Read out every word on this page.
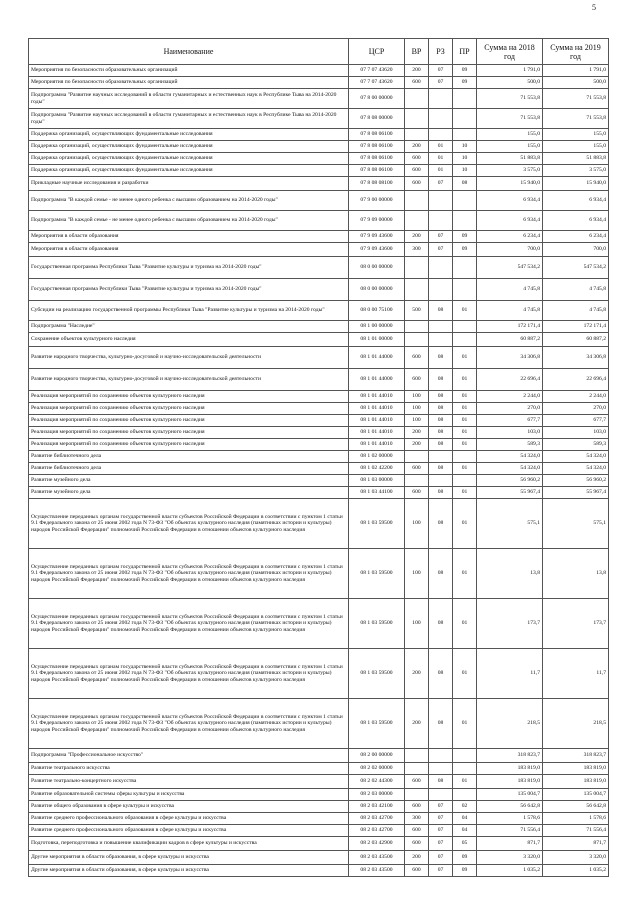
5
Наименование	ЦСР	ВР	РЗ	ПР	Сумма на 2018 год	Сумма на 2019 год
Мероприятия по безопасности образовательных организаций	07 7 07 43620	200	07	09	1 791,0	1 791,0
Мероприятия по безопасности образовательных организаций	07 7 07 43620	600	07	09	500,0	500,0
Подпрограмма "Развитие научных исследований в области гуманитарных и естественных наук в Республике Тыва на 2014-2020 годы"	07 8 00 00000				71 553,8	71 553,8
Подпрограмма "Развитие научных исследований в области гуманитарных и естественных наук в Республике Тыва на 2014-2020 годы"	07 8 08 00000				71 553,8	71 553,8
Поддержка организаций, осуществляющих фундаментальные исследования	07 8 08 06100				155,0	155,0
Поддержка организаций, осуществляющих фундаментальные исследования	07 8 08 06100	200	01	10	155,0	155,0
Поддержка организаций, осуществляющих фундаментальные исследования	07 8 08 06100	600	01	10	51 883,8	51 883,8
Поддержка организаций, осуществляющих фундаментальные исследования	07 8 08 06100	600	01	10	3 575,0	3 575,0
Прикладные научные исследования и разработки	07 8 08 08100	600	07	08	15 940,0	15 940,0
Подпрограмма "В каждой семье - не менее одного ребенка с высшим образованием на 2014-2020 годы"	07 9 00 00000				6 934,4	6 934,4
Подпрограмма "В каждой семье - не менее одного ребенка с высшим образованием на 2014-2020 годы"	07 9 09 00000				6 934,4	6 934,4
Мероприятия в области образования	07 9 09 43600	200	07	09	6 234,4	6 234,4
Мероприятия в области образования	07 9 09 43600	300	07	09	700,0	700,0
Государственная программа Республики Тыва "Развитие культуры и туризма на 2014-2020 годы"	08 0 00 00000				547 534,2	547 534,2
Государственная программа Республики Тыва "Развитие культуры и туризма на 2014-2020 годы"	08 0 00 00000				4 745,8	4 745,8
Субсидии на реализацию государственной программы Республики Тыва "Развитие культуры и туризма на 2014-2020 годы"	08 0 00 75100	500	08	01	4 745,8	4 745,8
Подпрограмма "Наследие"	08 1 00 00000				172 171,4	172 171,4
Сохранение объектов культурного наследия	08 1 01 00000				60 887,2	60 887,2
Развитие народного творчества, культурно-досуговой и научно-исследовательской деятельности	08 1 01 44000	600	08	01	34 306,8	34 306,8
Развитие народного творчества, культурно-досуговой и научно-исследовательской деятельности	08 1 01 44000	600	08	01	22 696,4	22 696,4
Реализация мероприятий по сохранению объектов культурного наследия	08 1 01 44010	100	08	01	2 244,0	2 244,0
Реализация мероприятий по сохранению объектов культурного наследия	08 1 01 44010	100	08	01	270,0	270,0
Реализация мероприятий по сохранению объектов культурного наследия	08 1 01 44010	100	08	01	677,7	677,7
Реализация мероприятий по сохранению объектов культурного наследия	08 1 01 44010	200	08	01	103,0	103,0
Реализация мероприятий по сохранению объектов культурного наследия	08 1 01 44010	200	08	01	589,3	589,3
Развитие библиотечного дела	08 1 02 00000				54 324,0	54 324,0
Развитие библиотечного дела	08 1 02 42200	600	08	01	54 324,0	54 324,0
Развитие музейного дела	08 1 03 00000				56 960,2	56 960,2
Развитие музейного дела	08 1 03 44100	600	08	01	55 967,4	55 967,4
Осуществление переданных органам государственной власти субъектов Российской Федерации в соответствии с пунктом 1 статьи 9.1 Федерального закона от 25 июня 2002 года N 73-ФЗ "Об объектах культурного наследия (памятниках истории и культуры) народов Российской Федерации" полномочий Российской Федерации в отношении объектов культурного наследия	08 1 03 59500	100	08	01	575,1	575,1
Осуществление переданных органам государственной власти субъектов Российской Федерации в соответствии с пунктом 1 статьи 9.1 Федерального закона от 25 июня 2002 года N 73-ФЗ "Об объектах культурного наследия (памятниках истории и культуры) народов Российской Федерации" полномочий Российской Федерации в отношении объектов культурного наследия	08 1 03 59500	100	08	01	13,8	13,8
Осуществление переданных органам государственной власти субъектов Российской Федерации в соответствии с пунктом 1 статьи 9.1 Федерального закона от 25 июня 2002 года N 73-ФЗ "Об объектах культурного наследия (памятниках истории и культуры) народов Российской Федерации" полномочий Российской Федерации в отношении объектов культурного наследия	08 1 03 59500	100	08	01	173,7	173,7
Осуществление переданных органам государственной власти субъектов Российской Федерации в соответствии с пунктом 1 статьи 9.1 Федерального закона от 25 июня 2002 года N 73-ФЗ "Об объектах культурного наследия (памятниках истории и культуры) народов Российской Федерации" полномочий Российской Федерации в отношении объектов культурного наследия	08 1 03 59500	200	08	01	11,7	11,7
Осуществление переданных органам государственной власти субъектов Российской Федерации в соответствии с пунктом 1 статьи 9.1 Федерального закона от 25 июня 2002 года N 73-ФЗ "Об объектах культурного наследия (памятниках истории и культуры) народов Российской Федерации" полномочий Российской Федерации в отношении объектов культурного наследия	08 1 03 59500	200	08	01	218,5	218,5
Подпрограмма "Профессиональное искусство"	08 2 00 00000				318 823,7	318 823,7
Развитие театрального искусства	08 2 02 00000				183 819,0	183 819,0
Развитие театрально-концертного искусства	08 2 02 44300	600	08	01	183 819,0	183 819,0
Развитие образовательной системы сферы культуры и искусства	08 2 03 00000				135 004,7	135 004,7
Развитие общего образования в сфере культуры и искусства	08 2 03 42100	600	07	02	56 642,8	56 642,8
Развитие среднего профессионального образования в сфере культуры и искусства	08 2 03 42700	300	07	04	1 578,6	1 578,6
Развитие среднего профессионального образования в сфере культуры и искусства	08 2 03 42700	600	07	04	71 556,4	71 556,4
Подготовка, переподготовка и повышение квалификации кадров в сфере культуры и искусства	08 2 03 42900	600	07	05	871,7	871,7
Другие мероприятия в области образования, в сфере культуры и искусства	08 2 03 43500	200	07	09	3 320,0	3 320,0
Другие мероприятия в области образования, в сфере культуры и искусства	08 2 03 43500	600	07	09	1 035,2	1 035,2
